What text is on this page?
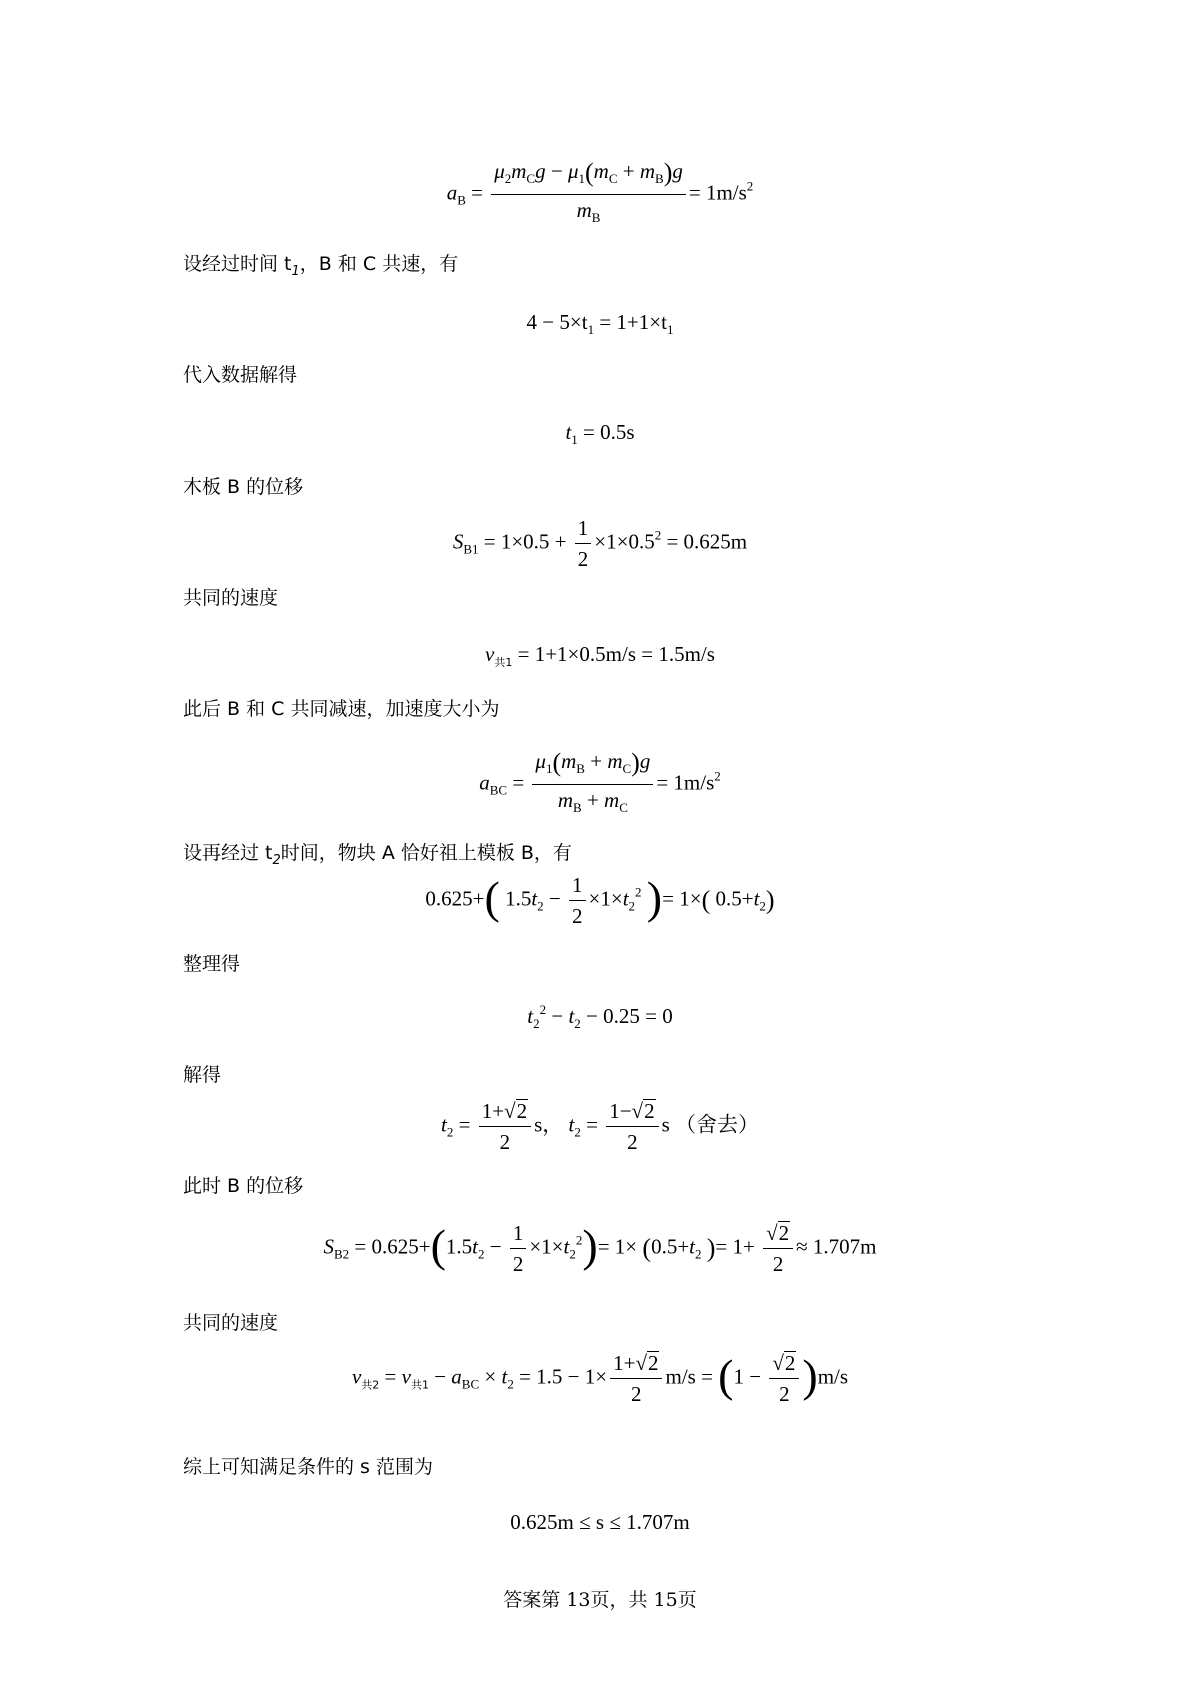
$a_B = \frac{\mu_2m_Cg - \mu_1(m_C + m_B)g}{m_B} = 1m/s^2$
设经过时间 $t_1$，B 和 C 共速，有
$4 - 5\times t_1 = 1+1\times t_1$
代入数据解得
$t_1 = 0.5s$
木板 B 的位移
$S_{B1} = 1\times 0.5 + \frac{1}{2} \times 1\times 0.5^2 = 0.625m$
共同的速度
$v_{共1} = 1+1\times 0.5m/s = 1.5m/s$
此后 B 和 C 共同减速，加速度大小为
$a_{BC} = \frac{\mu_1(m_B + m_C)g}{m_B + m_C} = 1m/s^2$
设再经过 $t_2$时间，物块 A 恰好祖上模板 B，有
0.625+( $1.5t_2 - \frac{1}{2} \times 1\times t_2^2$ )= 1×( $0.5+t_2$)
整理得
$t_2^2 - t_2 - 0.25 = 0$
解得
$t_2 = \frac{1+√2}{2}$ s， $t_2 = \frac{1-√2}{2}$ s （舍去）
此时 B 的位移
$S_{B2} = 0.625+(1.5t_2 - \frac{1}{2} \times 1\times t_2^2)= 1\times (0.5+t_2$ )= $1+ \frac{√2}{2} \approx 1.707m$
共同的速度
$v_{共2} = v_{共1} - a_{BC} \times t_2 = 1.5 - 1\times \frac{1+√2}{2} m/s = (1 - \frac{√2}{2} )m/s$
综上可知满足条件的 s 范围为
0.625m ≤ s ≤ 1.707m
答案第 13页，共 15页
